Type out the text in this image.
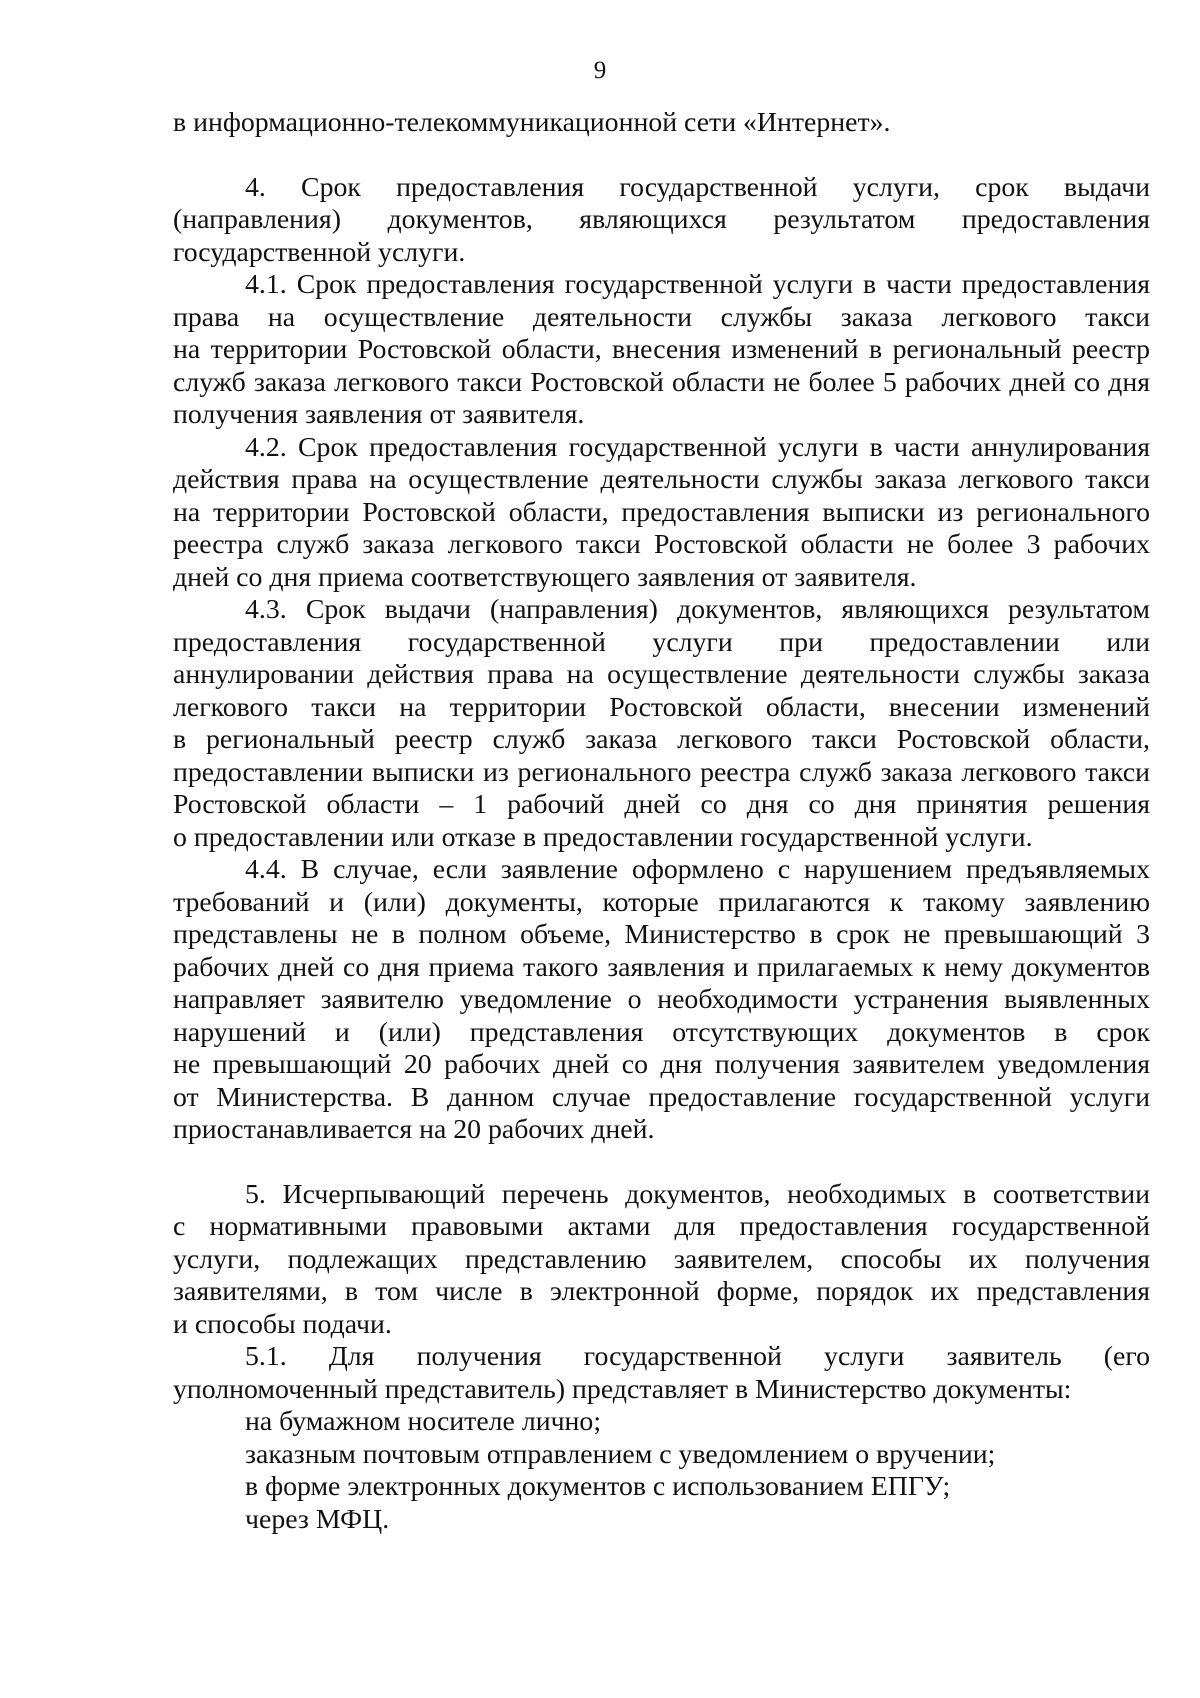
9

в информационно-телекоммуникационной сети «Интернет».

4. Срок предоставления государственной услуги, срок выдачи

(направления) документов, являющихся результатом предоставления

государственной услуги.

4.1. Срок предоставления государственной услуги в части предоставления

права на осуществление деятельности службы заказа легкового такси

на территории Ростовской области, внесения изменений в региональный реестр

служб заказа легкового такси Ростовской области не более 5 рабочих дней со дня

получения заявления от заявителя.

4.2. Срок предоставления государственной услуги в части аннулирования

действия права на осуществление деятельности службы заказа легкового такси

на территории Ростовской области, предоставления выписки из регионального

реестра служб заказа легкового такси Ростовской области не более 3 рабочих

дней со дня приема соответствующего заявления от заявителя.

4.3. Срок выдачи (направления) документов, являющихся результатом

предоставления государственной услуги при предоставлении или

аннулировании действия права на осуществление деятельности службы заказа

легкового такси на территории Ростовской области, внесении изменений

в региональный реестр служб заказа легкового такси Ростовской области,

предоставлении выписки из регионального реестра служб заказа легкового такси

Ростовской области – 1 рабочий дней со дня со дня принятия решения

о предоставлении или отказе в предоставлении государственной услуги.

4.4. В случае, если заявление оформлено с нарушением предъявляемых

требований и (или) документы, которые прилагаются к такому заявлению

представлены не в полном объеме, Министерство в срок не превышающий 3

рабочих дней со дня приема такого заявления и прилагаемых к нему документов

направляет заявителю уведомление о необходимости устранения выявленных

нарушений и (или) представления отсутствующих документов в срок

не превышающий 20 рабочих дней со дня получения заявителем уведомления

от Министерства. В данном случае предоставление государственной услуги

приостанавливается на 20 рабочих дней.

5. Исчерпывающий перечень документов, необходимых в соответствии

с нормативными правовыми актами для предоставления государственной

услуги, подлежащих представлению заявителем, способы их получения

заявителями, в том числе в электронной форме, порядок их представления

и способы подачи.

5.1. Для получения государственной услуги заявитель (его

уполномоченный представитель) представляет в Министерство документы:

на бумажном носителе лично;

заказным почтовым отправлением с уведомлением о вручении;

в форме электронных документов с использованием ЕПГУ;

через МФЦ.
